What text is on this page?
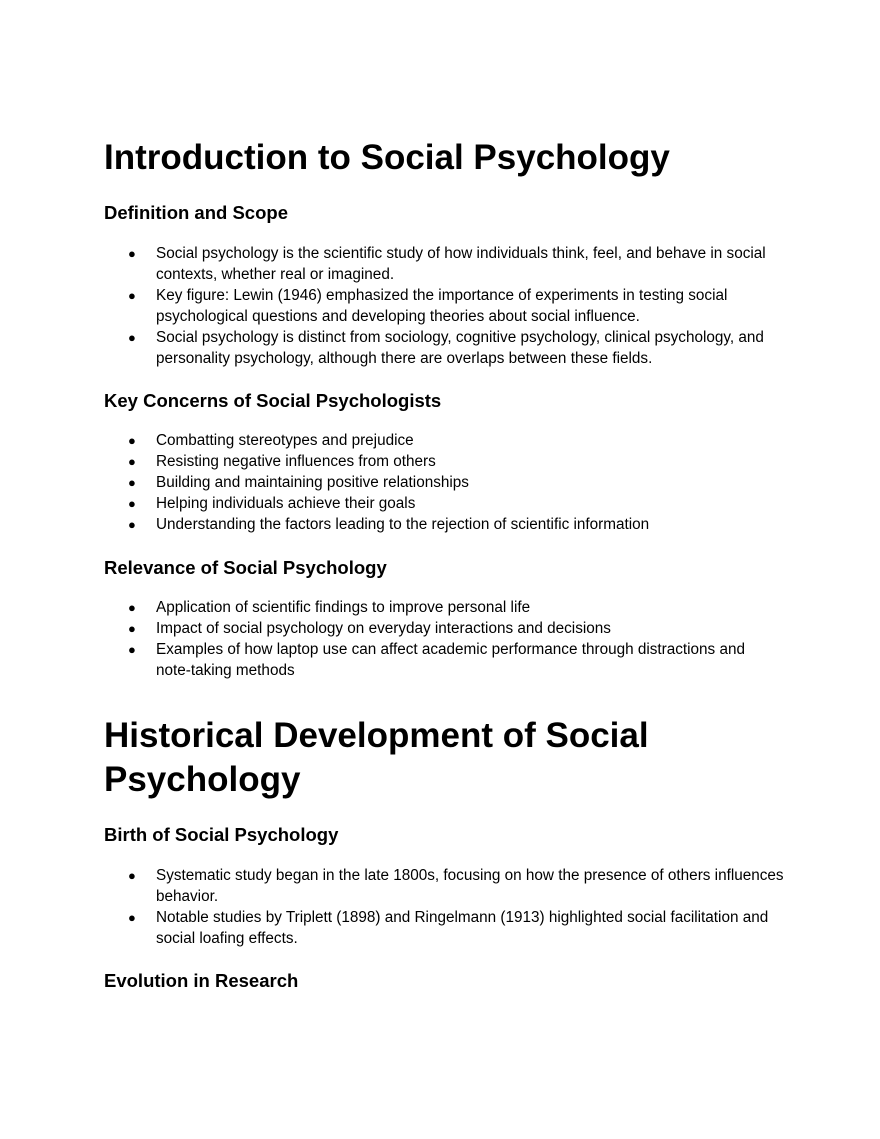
Introduction to Social Psychology
Definition and Scope
● Social psychology is the scientific study of how individuals think, feel, and behave in social contexts, whether real or imagined.
● Key figure: Lewin (1946) emphasized the importance of experiments in testing social psychological questions and developing theories about social influence.
● Social psychology is distinct from sociology, cognitive psychology, clinical psychology, and personality psychology, although there are overlaps between these fields.
Key Concerns of Social Psychologists
● Combatting stereotypes and prejudice
● Resisting negative influences from others
● Building and maintaining positive relationships
● Helping individuals achieve their goals
● Understanding the factors leading to the rejection of scientific information
Relevance of Social Psychology
● Application of scientific findings to improve personal life
● Impact of social psychology on everyday interactions and decisions
● Examples of how laptop use can affect academic performance through distractions and note-taking methods
Historical Development of Social Psychology
Birth of Social Psychology
● Systematic study began in the late 1800s, focusing on how the presence of others influences behavior.
● Notable studies by Triplett (1898) and Ringelmann (1913) highlighted social facilitation and social loafing effects.
Evolution in Research
